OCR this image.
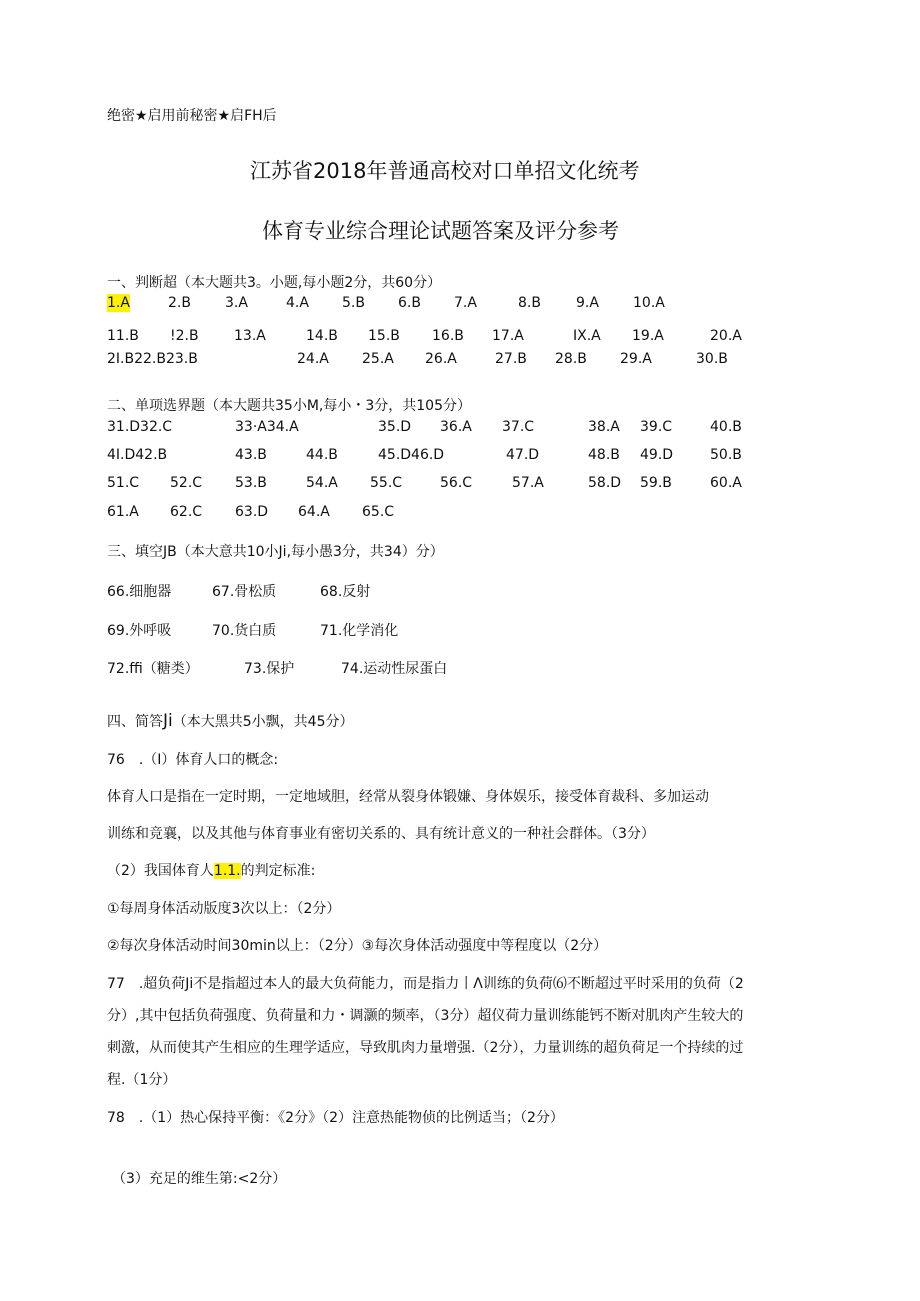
绝密★启用前秘密★启FH后
江苏省2018年普通高校对口单招文化统考
体育专业综合理论试题答案及评分参考
一、判断超（本大题共3。小题,每小题2分，共60分）
1.A	2.B 3.A	4.A 5.B 6.B 7.A	8.B	9.A 10.A
11.B !2.B	13.A	14.B 15.B 16.B 17.A	IX.A 19.A	20.A
2I.B22.B23.B	24.A 25.A 26.A	27.B 28.B 29.A	30.B
二、单项选界题（本大题共35小M,每小・3分，共105分）
31.D32.C	33·A34.A	35.D 36.A 37.C	38.A 39.C	40.B
4I.D42.B	43.B	44.B	45.D46.D	47.D	48.B 49.D	50.B
51.C 52.C 53.B	54.A 55.C	56.C	57.A	58.D 59.B	60.A
61.A 62.C 63.D 64.A 65.C
三、填空JB（本大意共10小Ji,每小愚3分，共34）分）
66.细胞器	67.骨松质	68.反射
69.外呼吸	70.货白质	71.化学消化
72.ffi（糖类）	73.保护	74.运动性尿蛋白
四、简答Ji（本大黑共5小飘，共45分）
76　.（I）体育人口的概念:
体育人口是指在一定时期，一定地域胆，经常从裂身体锻嫌、身体娱乐，接受体育裁科、多加运动
训练和竞襄，以及其他与体育事业有密切关系的、具有统计意义的一种社会群体。（3分）
（2）我国体育人1.1.的判定标准:
①每周身体活动版度3次以上：（2分）
②每次身体活动时间30min以上：（2分）③每次身体活动强度中等程度以（2分）
77　.超负荷Ji不是指超过本人的最大负荷能力，而是指力丨Λ训练的负荷⑹不断超过平时采用的负荷（2
分）,其中包括负荷强度、负荷量和力・调灏的频率，（3分）超仪荷力量训练能钙不断对肌肉产生较大的
刺激，从而使其产生相应的生理学适应，导致肌肉力量增强.（2分），力量训练的超负荷足一个持续的过
程.（1分）
78　.（1）热心保持平衡：《2分》（2）注意热能物侦的比例适当；（2分）
（3）充足的维生第:<2分）
